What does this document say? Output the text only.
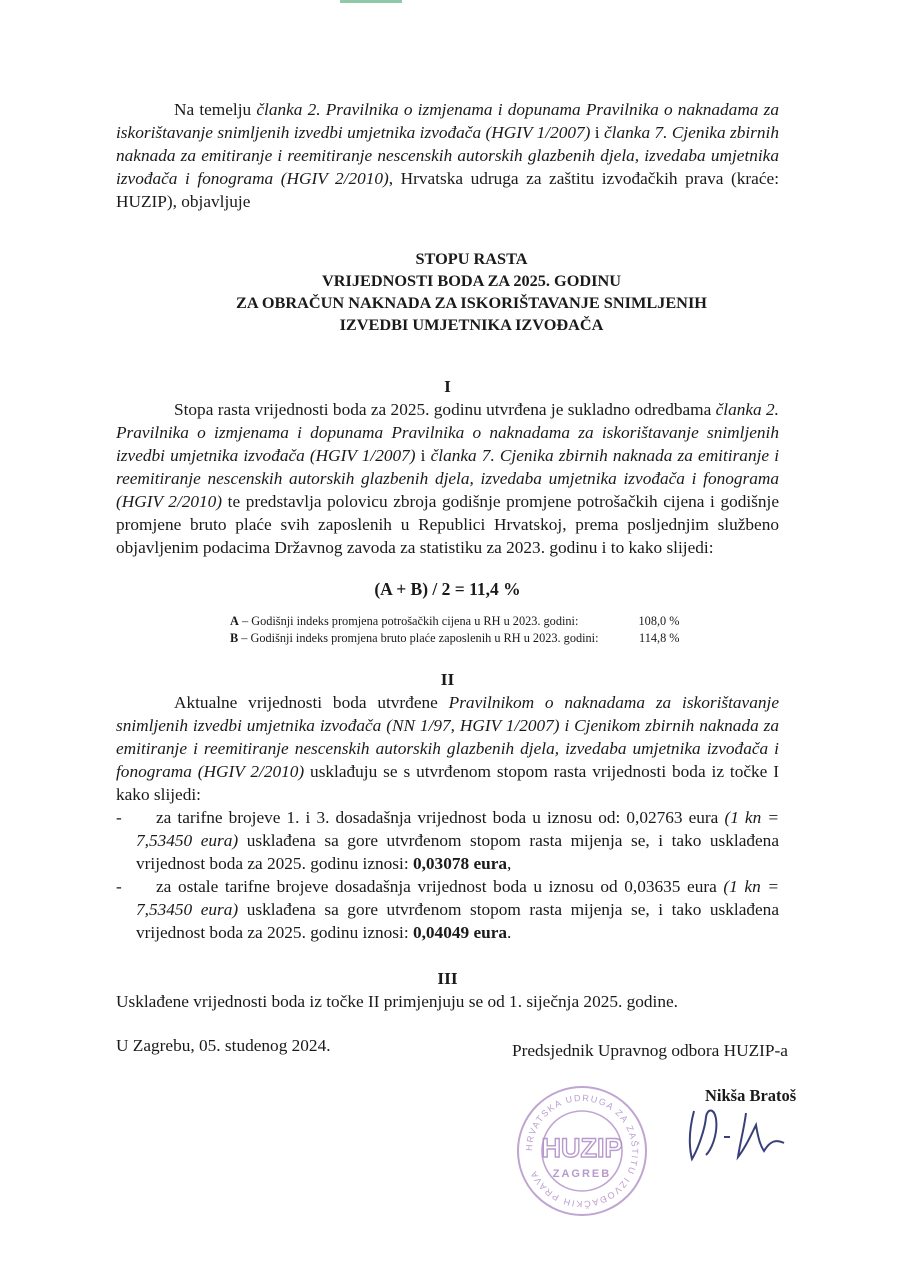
Na temelju članka 2. Pravilnika o izmjenama i dopunama Pravilnika o naknadama za iskorištavanje snimljenih izvedbi umjetnika izvođača (HGIV 1/2007) i članka 7. Cjenika zbirnih naknada za emitiranje i reemitiranje nescenskih autorskih glazbenih djela, izvedaba umjetnika izvođača i fonograma (HGIV 2/2010), Hrvatska udruga za zaštitu izvođačkih prava (kraće: HUZIP), objavljuje

STOPU RASTA
VRIJEDNOSTI BODA ZA 2025. GODINU
ZA OBRAČUN NAKNADA ZA ISKORIŠTAVANJE SNIMLJENIH
IZVEDBI UMJETNIKA IZVOĐAČA
I

Stopa rasta vrijednosti boda za 2025. godinu utvrđena je sukladno odredbama članka 2. Pravilnika o izmjenama i dopunama Pravilnika o naknadama za iskorištavanje snimljenih izvedbi umjetnika izvođača (HGIV 1/2007) i članka 7. Cjenika zbirnih naknada za emitiranje i reemitiranje nescenskih autorskih glazbenih djela, izvedaba umjetnika izvođača i fonograma (HGIV 2/2010) te predstavlja polovicu zbroja godišnje promjene potrošačkih cijena i godišnje promjene bruto plaće svih zaposlenih u Republici Hrvatskoj, prema posljednjim službeno objavljenim podacima Državnog zavoda za statistiku za 2023. godinu i to kako slijedi:

(A + B) / 2 = 11,4 %
A – Godišnji indeks promjena potrošačkih cijena u RH u 2023. godini:	108,0 %
B – Godišnji indeks promjena bruto plaće zaposlenih u RH u 2023. godini:	114,8 %
II

Aktualne vrijednosti boda utvrđene Pravilnikom o naknadama za iskorištavanje snimljenih izvedbi umjetnika izvođača (NN 1/97, HGIV 1/2007) i Cjenikom zbirnih naknada za emitiranje i reemitiranje nescenskih autorskih glazbenih djela, izvedaba umjetnika izvođača i fonograma (HGIV 2/2010) usklađuju se s utvrđenom stopom rasta vrijednosti boda iz točke I kako slijedi:

- za tarifne brojeve 1. i 3. dosadašnja vrijednost boda u iznosu od: 0,02763 eura (1 kn = 7,53450 eura) usklađena sa gore utvrđenom stopom rasta mijenja se, i tako usklađena vrijednost boda za 2025. godinu iznosi: 0,03078 eura,
- za ostale tarifne brojeve dosadašnja vrijednost boda u iznosu od 0,03635 eura (1 kn = 7,53450 eura) usklađena sa gore utvrđenom stopom rasta mijenja se, i tako usklađena vrijednost boda za 2025. godinu iznosi: 0,04049 eura.
III

Usklađene vrijednosti boda iz točke II primjenjuju se od 1. siječnja 2025. godine.

U Zagrebu, 05. studenog 2024.	Predsjednik Upravnog odbora HUZIP-a
HRVATSKA UDRUGA ZA ZAŠTITU IZVOĐAČKIH PRAVA
HUZIP
ZAGREB
Nikša Bratoš
